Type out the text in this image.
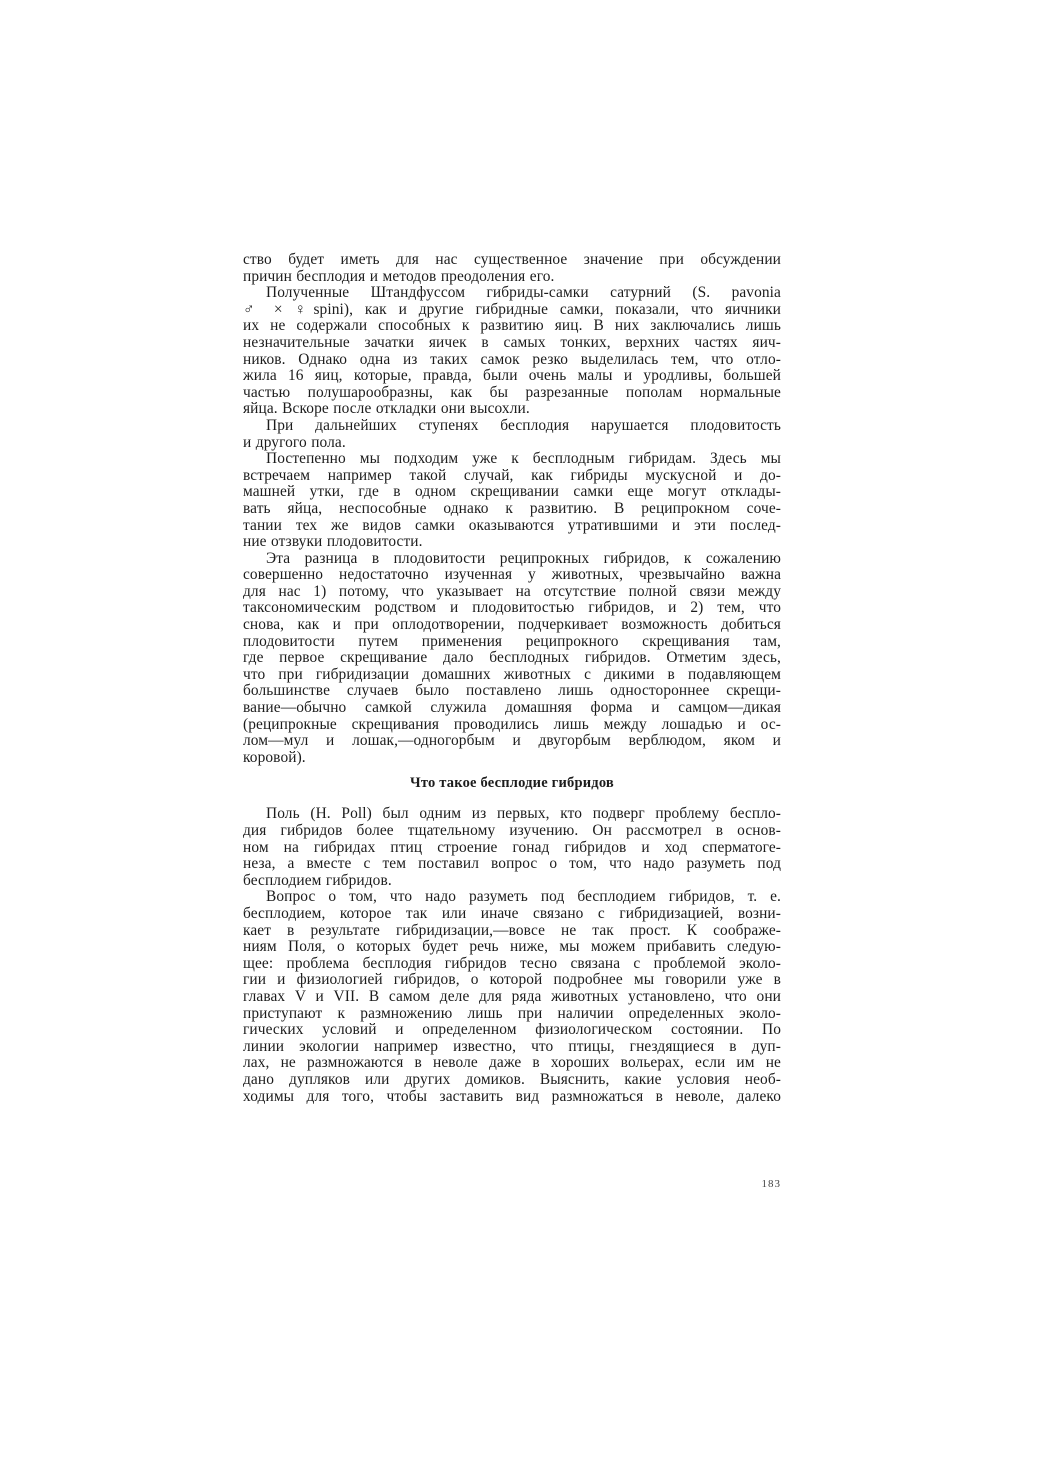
ство будет иметь для нас существенное значение при обсуждении
причин бесплодия и методов преодоления его.
Полученные Штандфуссом гибриды-самки сатурний (S. pavonia
♂ × ♀spini), как и другие гибридные самки, показали, что яичники
их не содержали способных к развитию яиц. В них заключались лишь
незначительные зачатки яичек в самых тонких, верхних частях яич-
ников. Однако одна из таких самок резко выделилась тем, что отло-
жила 16 яиц, которые, правда, были очень малы и уродливы, большей
частью полушарообразны, как бы разрезанные пополам нормальные
яйца. Вскоре после откладки они высохли.
При дальнейших ступенях бесплодия нарушается плодовитость
и другого пола.
Постепенно мы подходим уже к бесплодным гибридам. Здесь мы
встречаем например такой случай, как гибриды мускусной и до-
машней утки, где в одном скрещивании самки еще могут отклады-
вать яйца, неспособные однако к развитию. В реципрокном соче-
тании тех же видов самки оказываются утратившими и эти послед-
ние отзвуки плодовитости.
Эта разница в плодовитости реципрокных гибридов, к сожалению
совершенно недостаточно изученная у животных, чрезвычайно важна
для нас 1) потому, что указывает на отсутствие полной связи между
таксономическим родством и плодовитостью гибридов, и 2) тем, что
снова, как и при оплодотворении, подчеркивает возможность добиться
плодовитости путем применения реципрокного скрещивания там,
где первое скрещивание дало бесплодных гибридов. Отметим здесь,
что при гибридизации домашних животных с дикими в подавляющем
большинстве случаев было поставлено лишь одностороннее скрещи-
вание—обычно самкой служила домашняя форма и самцом—дикая
(реципрокные скрещивания проводились лишь между лошадью и ос-
лом—мул и лошак,—одногорбым и двугорбым верблюдом, яком и
коровой).
Что такое бесплодие гибридов
Поль (H. Poll) был одним из первых, кто подверг проблему беспло-
дия гибридов более тщательному изучению. Он рассмотрел в основ-
ном на гибридах птиц строение гонад гибридов и ход сперматоге-
неза, а вместе с тем поставил вопрос о том, что надо разуметь под
бесплодием гибридов.
Вопрос о том, что надо разуметь под бесплодием гибридов, т. е.
бесплодием, которое так или иначе связано с гибридизацией, возни-
кает в результате гибридизации,—вовсе не так прост. К соображе-
ниям Поля, о которых будет речь ниже, мы можем прибавить следую-
щее: проблема бесплодия гибридов тесно связана с проблемой эколо-
гии и физиологией гибридов, о которой подробнее мы говорили уже в
главах V и VII. В самом деле для ряда животных установлено, что они
приступают к размножению лишь при наличии определенных эколо-
гических условий и определенном физиологическом состоянии. По
линии экологии например известно, что птицы, гнездящиеся в дуп-
лах, не размножаются в неволе даже в хороших вольерах, если им не
дано дупляков или других домиков. Выяснить, какие условия необ-
ходимы для того, чтобы заставить вид размножаться в неволе, далеко
183
